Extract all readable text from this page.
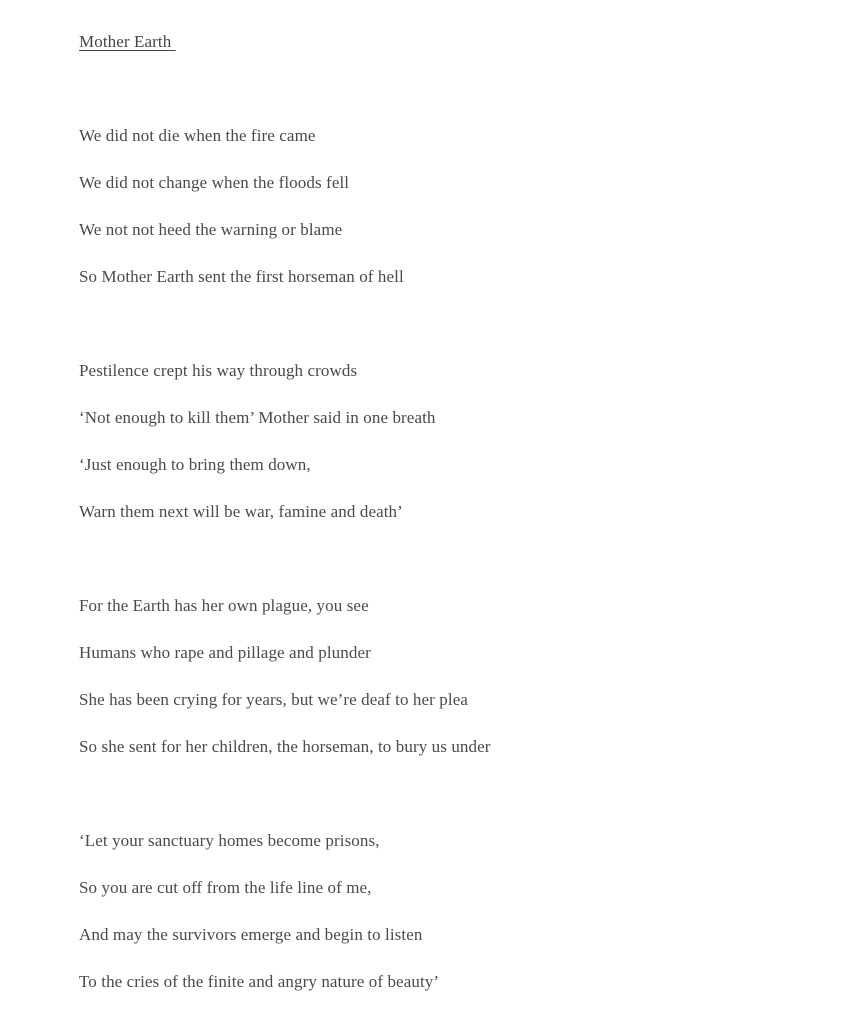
Mother Earth

We did not die when the fire came

We did not change when the floods fell

We not not heed the warning or blame

So Mother Earth sent the first horseman of hell

Pestilence crept his way through crowds

‘Not enough to kill them’ Mother said in one breath

‘Just enough to bring them down,

Warn them next will be war, famine and death’

For the Earth has her own plague, you see

Humans who rape and pillage and plunder

She has been crying for years, but we’re deaf to her plea

So she sent for her children, the horseman, to bury us under

‘Let your sanctuary homes become prisons,

So you are cut off from the life line of me,

And may the survivors emerge and begin to listen

To the cries of the finite and angry nature of beauty’
